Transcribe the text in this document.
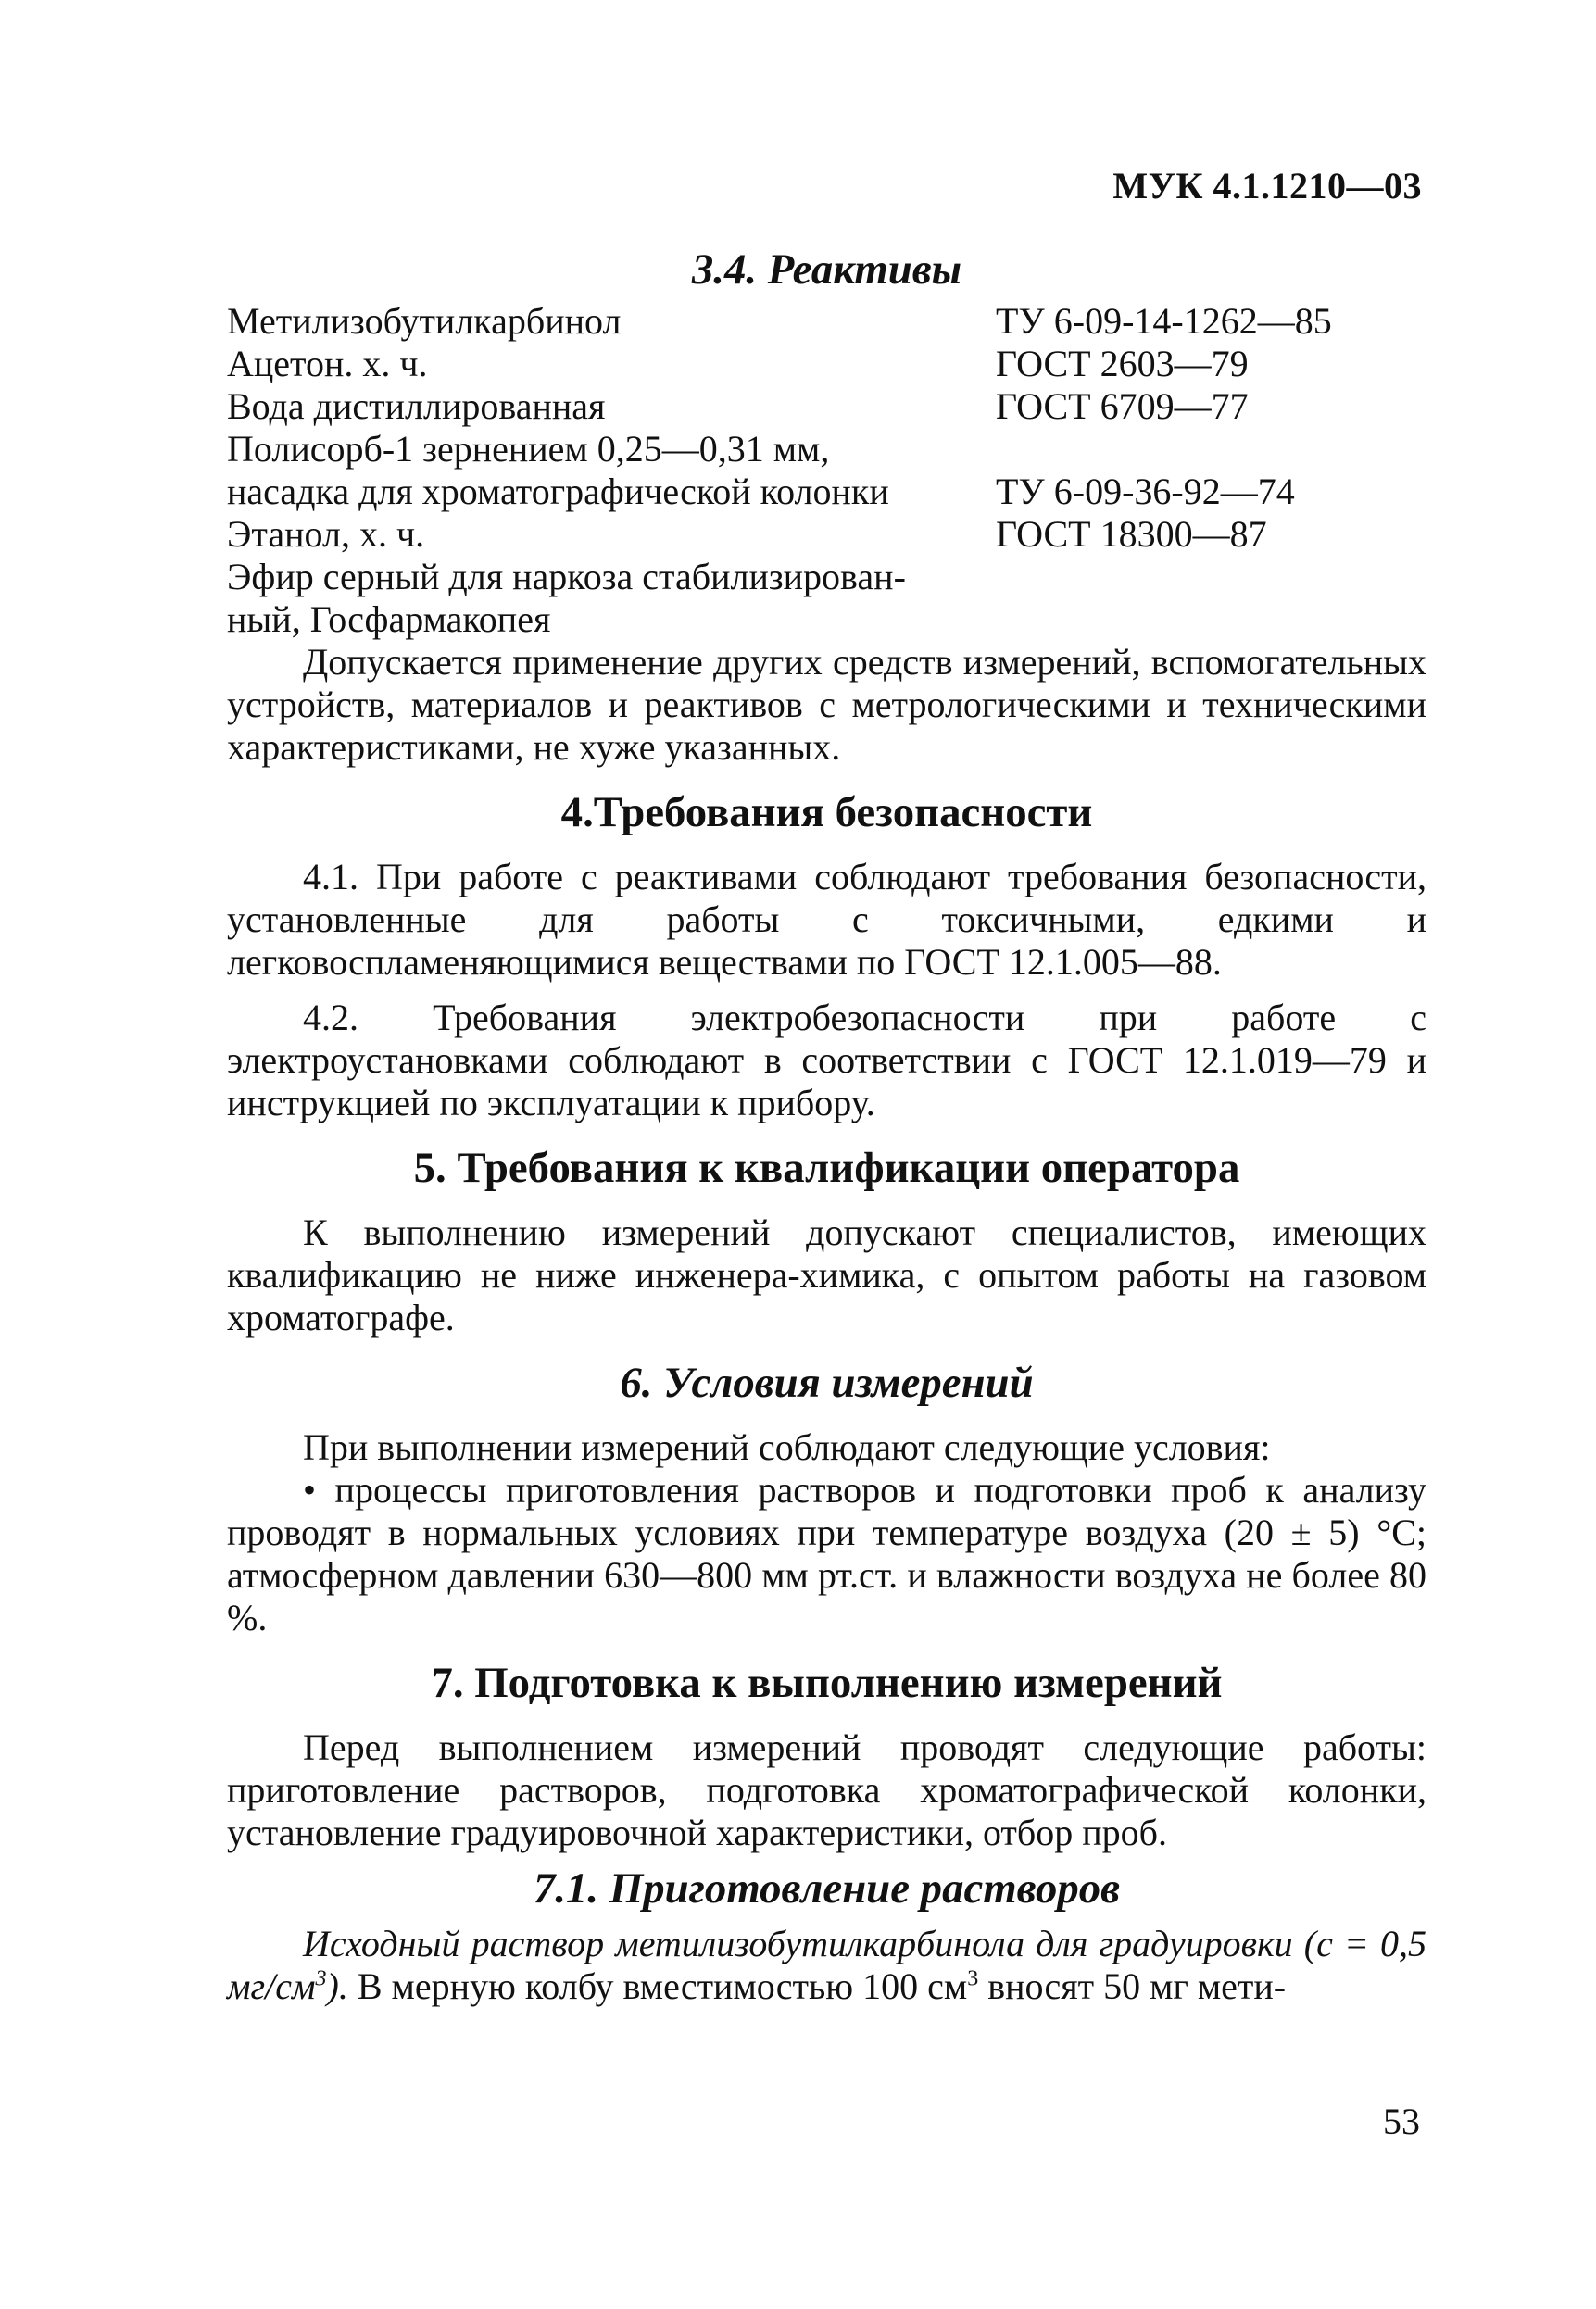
МУК 4.1.1210—03
3.4. Реактивы
Метилизобутилкарбинол	ТУ 6-09-14-1262—85
Ацетон. х. ч.	ГОСТ 2603—79
Вода дистиллированная	ГОСТ 6709—77
Полисорб-1 зернением 0,25—0,31 мм,
насадка для хроматографической колонки	ТУ 6-09-36-92—74
Этанол, х. ч.	ГОСТ 18300—87
Эфир серный для наркоза стабилизирован-
ный, Госфармакопея

Допускается применение других средств измерений, вспомогательных устройств, материалов и реактивов с метрологическими и техническими характеристиками, не хуже указанных.

4.Требования безопасности

4.1. При работе с реактивами соблюдают требования безопасности, установленные для работы с токсичными, едкими и легковоспламеняющимися веществами по ГОСТ 12.1.005—88.

4.2. Требования электробезопасности при работе с электроустановками соблюдают в соответствии с ГОСТ 12.1.019—79 и инструкцией по эксплуатации к прибору.

5. Требования к квалификации оператора

К выполнению измерений допускают специалистов, имеющих квалификацию не ниже инженера-химика, с опытом работы на газовом хроматографе.

6. Условия измерений

При выполнении измерений соблюдают следующие условия:

• процессы приготовления растворов и подготовки проб к анализу проводят в нормальных условиях при температуре воздуха (20 ± 5) °С; атмосферном давлении 630—800 мм рт.ст. и влажности воздуха не более 80 %.

7. Подготовка к выполнению измерений

Перед выполнением измерений проводят следующие работы: приготовление растворов, подготовка хроматографической колонки, установление градуировочной характеристики, отбор проб.

7.1. Приготовление растворов

Исходный раствор метилизобутилкарбинола для градуировки (с = 0,5 $мг/см^3$). В мерную колбу вместимостью 100 $см^3$ вносят 50 мг мети-

53
